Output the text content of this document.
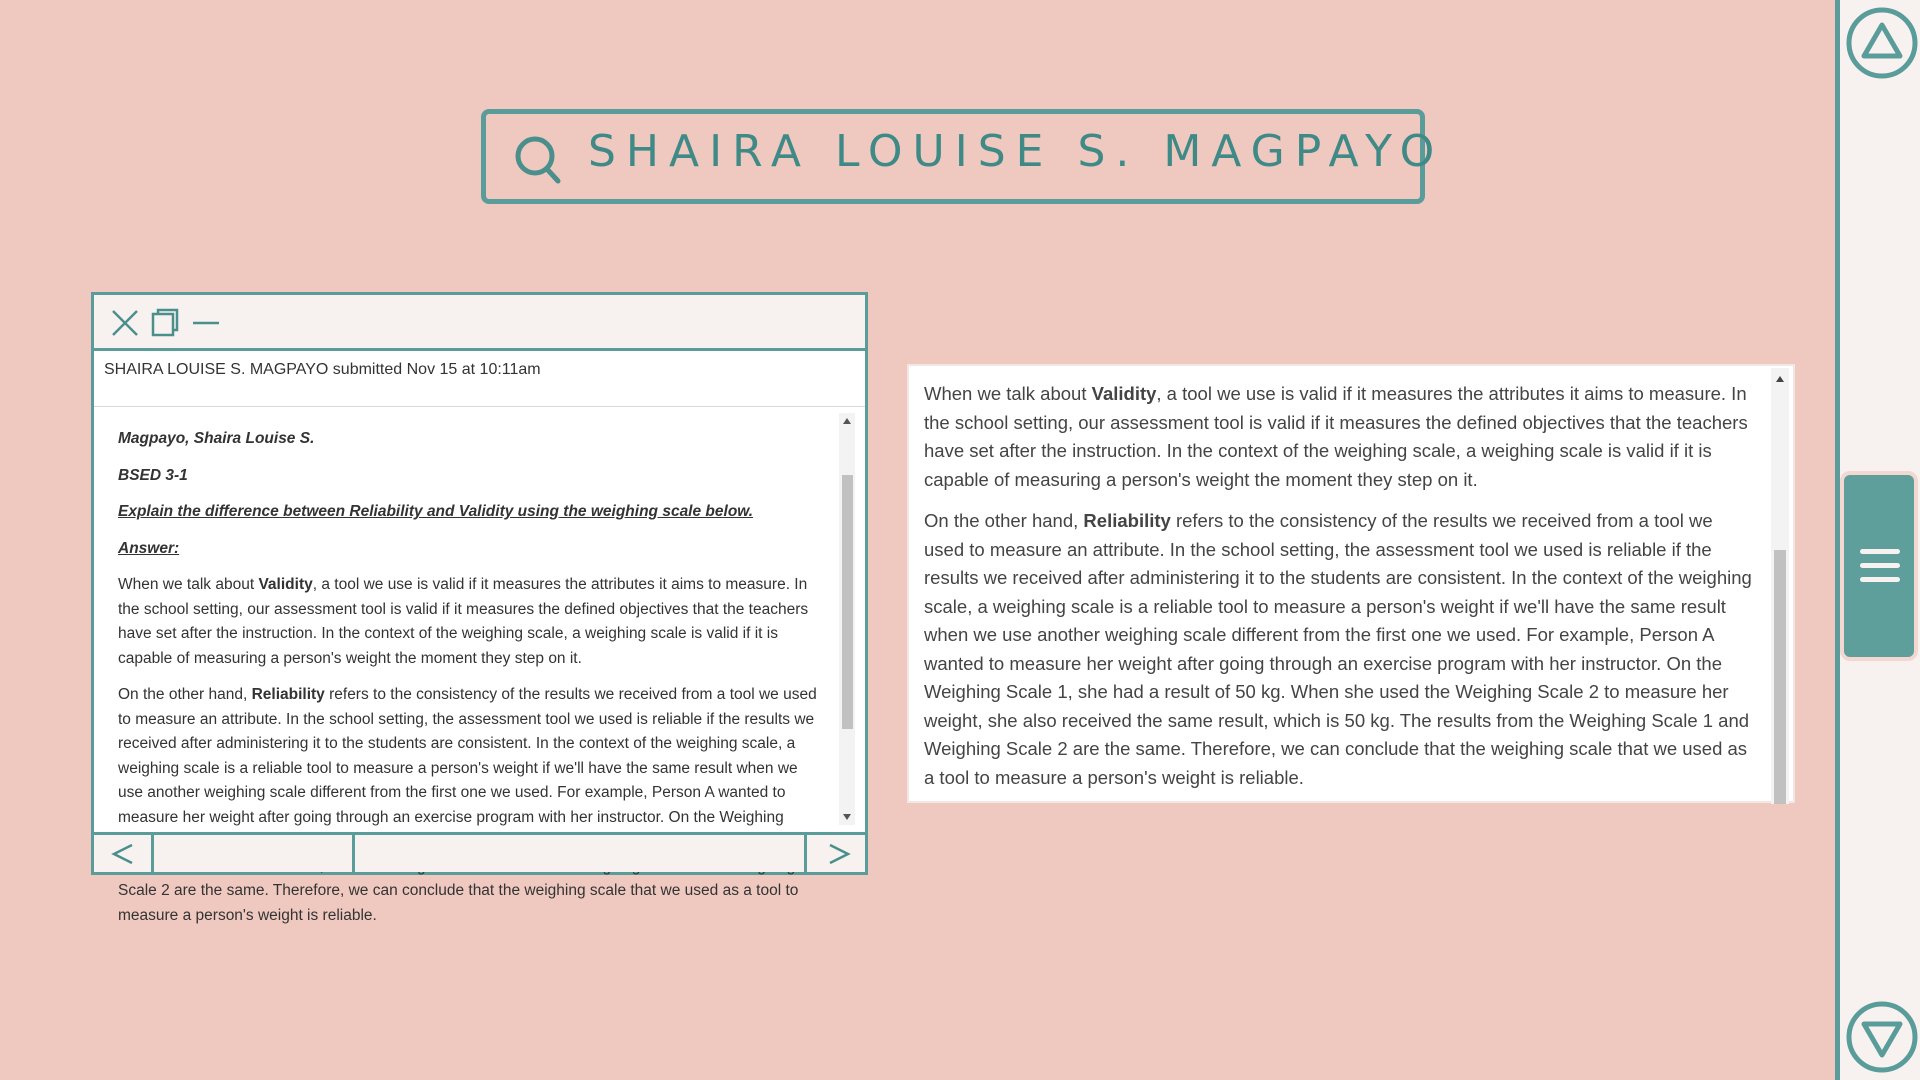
SHAIRA LOUISE S. MAGPAYO
SHAIRA LOUISE S. MAGPAYO submitted Nov 15 at 10:11am

Magpayo, Shaira Louise S.

BSED 3-1

Explain the difference between Reliability and Validity using the weighing scale below.

Answer:

When we talk about Validity, a tool we use is valid if it measures the attributes it aims to measure. In the school setting, our assessment tool is valid if it measures the defined objectives that the teachers have set after the instruction. In the context of the weighing scale, a weighing scale is valid if it is capable of measuring a person's weight the moment they step on it.

On the other hand, Reliability refers to the consistency of the results we received from a tool we used to measure an attribute. In the school setting, the assessment tool we used is reliable if the results we received after administering it to the students are consistent. In the context of the weighing scale, a weighing scale is a reliable tool to measure a person's weight if we'll have the same result when we use another weighing scale different from the first one we used. For example, Person A wanted to measure her weight after going through an exercise program with her instructor. On the Weighing Scale 2 are the same. Therefore, we can conclude that the weighing scale that we used as a tool to measure a person's weight is reliable.

When we talk about Validity, a tool we use is valid if it measures the attributes it aims to measure. In the school setting, our assessment tool is valid if it measures the defined objectives that the teachers have set after the instruction. In the context of the weighing scale, a weighing scale is valid if it is capable of measuring a person's weight the moment they step on it.

On the other hand, Reliability refers to the consistency of the results we received from a tool we used to measure an attribute. In the school setting, the assessment tool we used is reliable if the results we received after administering it to the students are consistent. In the context of the weighing scale, a weighing scale is a reliable tool to measure a person's weight if we'll have the same result when we use another weighing scale different from the first one we used. For example, Person A wanted to measure her weight after going through an exercise program with her instructor. On the Weighing Scale 1, she had a result of 50 kg. When she used the Weighing Scale 2 to measure her weight, she also received the same result, which is 50 kg. The results from the Weighing Scale 1 and Weighing Scale 2 are the same. Therefore, we can conclude that the weighing scale that we used as a tool to measure a person's weight is reliable.
